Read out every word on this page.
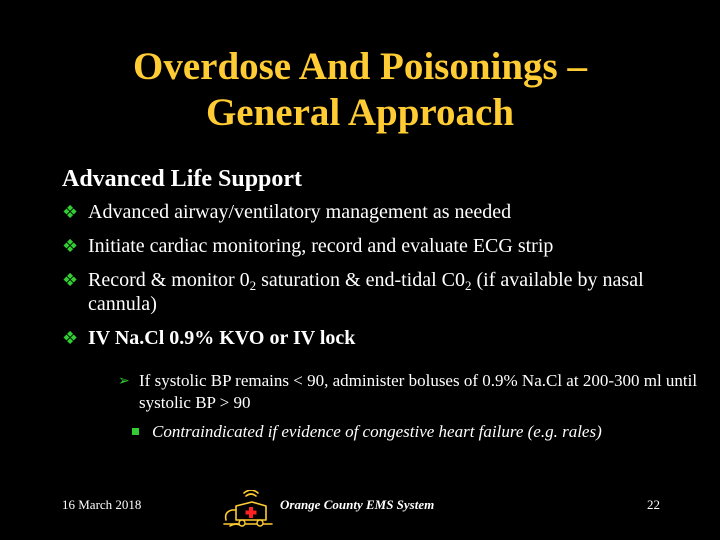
Overdose And Poisonings –
General Approach
Advanced Life Support
❖ Advanced airway/ventilatory management as needed
❖ Initiate cardiac monitoring, record and evaluate ECG strip
❖ Record & monitor $0_2$ saturation & end-tidal $C0_2$ (if available by nasal cannula)
❖ IV Na.Cl 0.9% KVO or IV lock
➢ If systolic BP remains < 90, administer boluses of 0.9% Na.Cl at 200-300 ml until systolic BP > 90
Contraindicated if evidence of congestive heart failure (e.g. rales)
16 March 2018	Orange County EMS System	22
